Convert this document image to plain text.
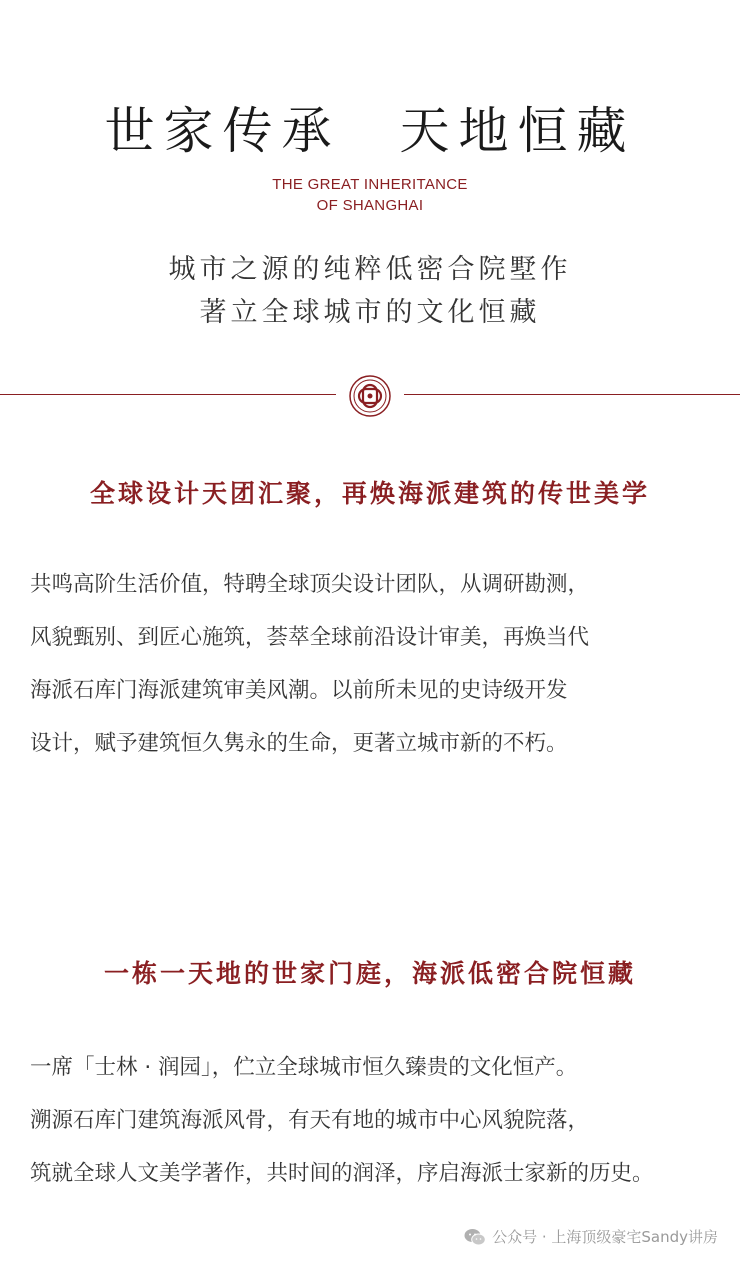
世家传承　天地恒藏
THE GREAT INHERITANCE
OF SHANGHAI
城市之源的纯粹低密合院墅作
著立全球城市的文化恒藏
全球设计天团汇聚，再焕海派建筑的传世美学
共鸣高阶生活价值，特聘全球顶尖设计团队，从调研勘测，
风貌甄别、到匠心施筑，荟萃全球前沿设计审美，再焕当代
海派石库门海派建筑审美风潮。以前所未见的史诗级开发
设计，赋予建筑恒久隽永的生命，更著立城市新的不朽。
一栋一天地的世家门庭，海派低密合院恒藏
一席「士林 · 润园」，伫立全球城市恒久臻贵的文化恒产。
溯源石库门建筑海派风骨，有天有地的城市中心风貌院落，
筑就全球人文美学著作，共时间的润泽，序启海派士家新的历史。
公众号 · 上海顶级豪宅Sandy讲房
